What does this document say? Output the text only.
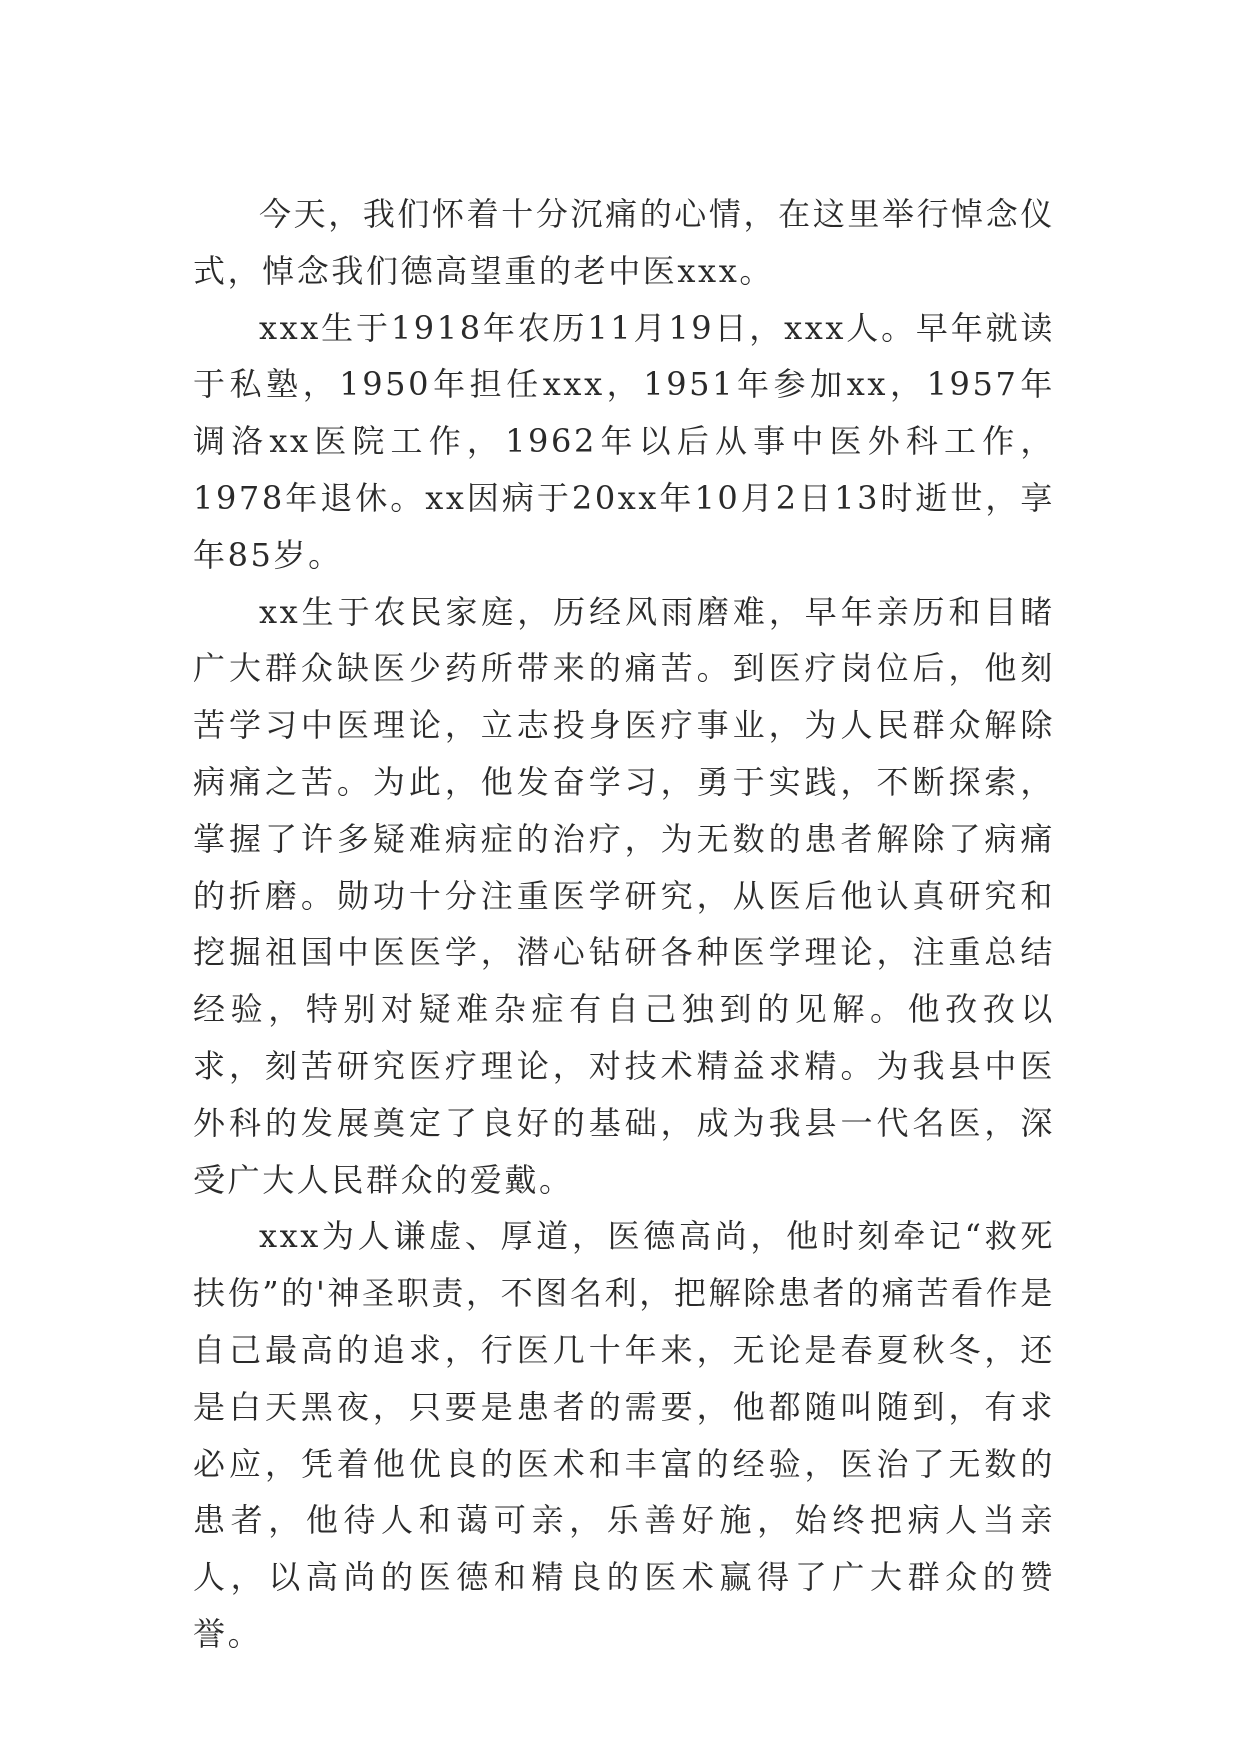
今天，我们怀着十分沉痛的心情，在这里举行悼念仪式，悼念我们德高望重的老中医xxx。

xxx生于1918年农历11月19日，xxx人。早年就读于私塾，1950年担任xxx，1951年参加xx，1957年调洛xx医院工作，1962年以后从事中医外科工作，1978年退休。xx因病于20xx年10月2日13时逝世，享年85岁。

xx生于农民家庭，历经风雨磨难，早年亲历和目睹广大群众缺医少药所带来的痛苦。到医疗岗位后，他刻苦学习中医理论，立志投身医疗事业，为人民群众解除病痛之苦。为此，他发奋学习，勇于实践，不断探索，掌握了许多疑难病症的治疗，为无数的患者解除了病痛的折磨。勋功十分注重医学研究，从医后他认真研究和挖掘祖国中医医学，潜心钻研各种医学理论，注重总结经验，特别对疑难杂症有自己独到的见解。他孜孜以求，刻苦研究医疗理论，对技术精益求精。为我县中医外科的发展奠定了良好的基础，成为我县一代名医，深受广大人民群众的爱戴。

xxx为人谦虚、厚道，医德高尚，他时刻牵记“救死扶伤”的'神圣职责，不图名利，把解除患者的痛苦看作是自己最高的追求，行医几十年来，无论是春夏秋冬，还是白天黑夜，只要是患者的需要，他都随叫随到，有求必应，凭着他优良的医术和丰富的经验，医治了无数的患者，他待人和蔼可亲，乐善好施，始终把病人当亲人，以高尚的医德和精良的医术赢得了广大群众的赞誉。
